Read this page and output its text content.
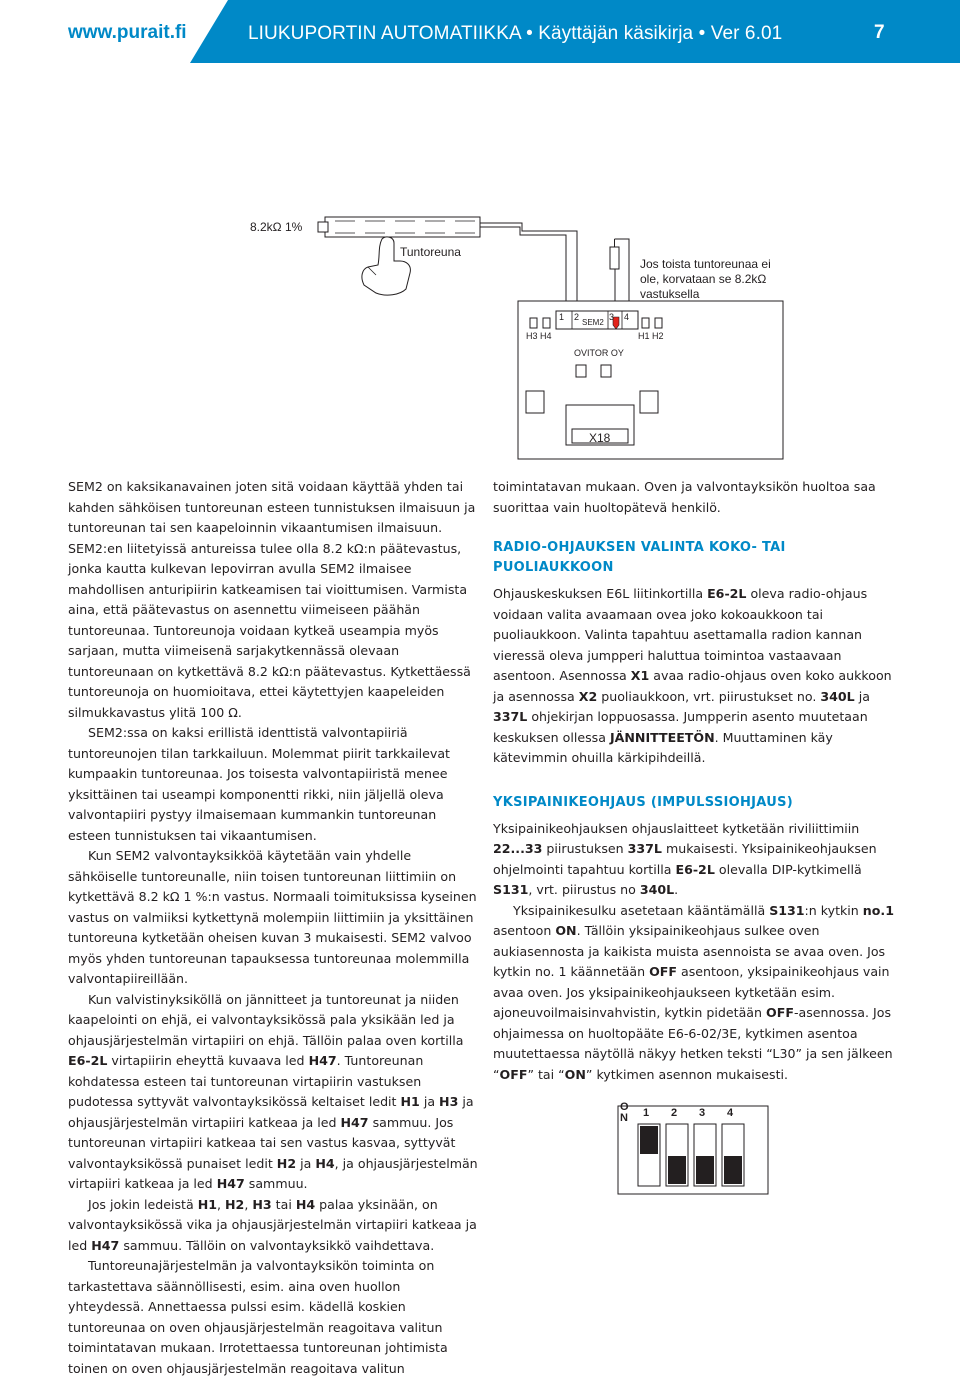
www.purait.fi	LIUKUPORTIN AUTOMATIIKKA • Käyttäjän käsikirja • Ver 6.01	7
8.2kΩ 1%
Tuntoreuna
Jos toista tuntoreunaa ei
ole, korvataan se 8.2kΩ
vastuksella
1 2	3 4
SEM2
H3 H4	H1 H2
OVITOR OY
X18

SEM2 on kaksikanavainen joten sitä voidaan käyttää yhden tai kahden sähköisen tuntoreunan esteen tunnistuksen ilmaisuun ja tuntoreunan tai sen kaapeloinnin vikaantumisen ilmaisuun. SEM2:en liitetyissä antureissa tulee olla 8.2 kΩ:n päätevastus, jonka kautta kulkevan lepovirran avulla SEM2 ilmaisee mahdollisen anturipiirin katkeamisen tai vioittumisen. Varmista aina, että päätevastus on asennettu viimeiseen päähän tuntoreunaa. Tuntoreunoja voidaan kytkeä useampia myös sarjaan, mutta viimeisenä sarjakytkennässä olevaan tuntoreunaan on kytkettävä 8.2 kΩ:n päätevastus. Kytkettäessä tuntoreunoja on huomioitava, ettei käytettyjen kaapeleiden silmukkavastus ylitä 100 Ω.

SEM2:ssa on kaksi erillistä identtistä valvontapiiriä tuntoreunojen tilan tarkkailuun. Molemmat piirit tarkkailevat kumpaakin tuntoreunaa. Jos toisesta valvontapiiristä menee yksittäinen tai useampi komponentti rikki, niin jäljellä oleva valvontapiiri pystyy ilmaisemaan kummankin tuntoreunan esteen tunnistuksen tai vikaantumisen.

Kun SEM2 valvontayksikköä käytetään vain yhdelle sähköiselle tuntoreunalle, niin toisen tuntoreunan liittimiin on kytkettävä 8.2 kΩ 1 %:n vastus. Normaali toimituksissa kyseinen vastus on valmiiksi kytkettynä molempiin liittimiin ja yksittäinen tuntoreuna kytketään oheisen kuvan 3 mukaisesti. SEM2 valvoo myös yhden tuntoreunan tapauksessa tuntoreunaa molemmilla valvontapiireillään.

Kun valvistinyksiköllä on jännitteet ja tuntoreunat ja niiden kaapelointi on ehjä, ei valvontayksikössä pala yksikään led ja ohjausjärjestelmän virtapiiri on ehjä. Tällöin palaa oven kortilla E6-2L virtapiirin eheyttä kuvaava led H47. Tuntoreunan kohdatessa esteen tai tuntoreunan virtapiirin vastuksen pudotessa syttyvät valvontayksikössä keltaiset ledit H1 ja H3 ja ohjausjärjestelmän virtapiiri katkeaa ja led H47 sammuu. Jos tuntoreunan virtapiiri katkeaa tai sen vastus kasvaa, syttyvät valvontayksikössä punaiset ledit H2 ja H4, ja ohjausjärjestelmän virtapiiri katkeaa ja led H47 sammuu.

Jos jokin ledeistä H1, H2, H3 tai H4 palaa yksinään, on valvontayksikössä vika ja ohjausjärjestelmän virtapiiri katkeaa ja led H47 sammuu. Tällöin on valvontayksikkö vaihdettava.

Tuntoreunajärjestelmän ja valvontayksikön toiminta on tarkastettava säännöllisesti, esim. aina oven huollon yhteydessä. Annettaessa pulssi esim. kädellä koskien tuntoreunaa on oven ohjausjärjestelmän reagoitava valitun toimintatavan mukaan. Irrotettaessa tuntoreunan johtimista toinen on oven ohjausjärjestelmän reagoitava valitun

toimintatavan mukaan. Oven ja valvontayksikön huoltoa saa suorittaa vain huoltopätevä henkilö.

RADIO-OHJAUKSEN VALINTA KOKO- TAI PUOLIAUKKOON

Ohjauskeskuksen E6L liitinkortilla E6-2L oleva radio-ohjaus voidaan valita avaamaan ovea joko kokoaukkoon tai puoliaukkoon. Valinta tapahtuu asettamalla radion kannan vieressä oleva jumpperi haluttua toimintoa vastaavaan asentoon. Asennossa X1 avaa radio-ohjaus oven koko aukkoon ja asennossa X2 puoliaukkoon, vrt. piirustukset no. 340L ja 337L ohjekirjan loppuosassa. Jumpperin asento muutetaan keskuksen ollessa JÄNNITTEETÖN. Muuttaminen käy kätevimmin ohuilla kärkipihdeillä.

YKSIPAINIKEOHJAUS (IMPULSSIOHJAUS)

Yksipainikeohjauksen ohjauslaitteet kytketään riviliittimiin 22...33 piirustuksen 337L mukaisesti. Yksipainikeohjauksen ohjelmointi tapahtuu kortilla E6-2L olevalla DIP-kytkimellä S131, vrt. piirustus no 340L.

Yksipainikesulku asetetaan kääntämällä S131:n kytkin no.1 asentoon ON. Tällöin yksipainikeohjaus sulkee oven aukiasennosta ja kaikista muista asennoista se avaa oven. Jos kytkin no. 1 käännetään OFF asentoon, yksipainikeohjaus vain avaa oven. Jos yksipainikeohjaukseen kytketään esim. ajoneuvoilmaisinvahvistin, kytkin pidetään OFF-asennossa. Jos ohjaimessa on huoltopääte E6-6-02/3E, kytkimen asentoa muutettaessa näytöllä näkyy hetken teksti “L30” ja sen jälkeen “OFF” tai “ON” kytkimen asennon mukaisesti.

O
N 1 2 3 4
